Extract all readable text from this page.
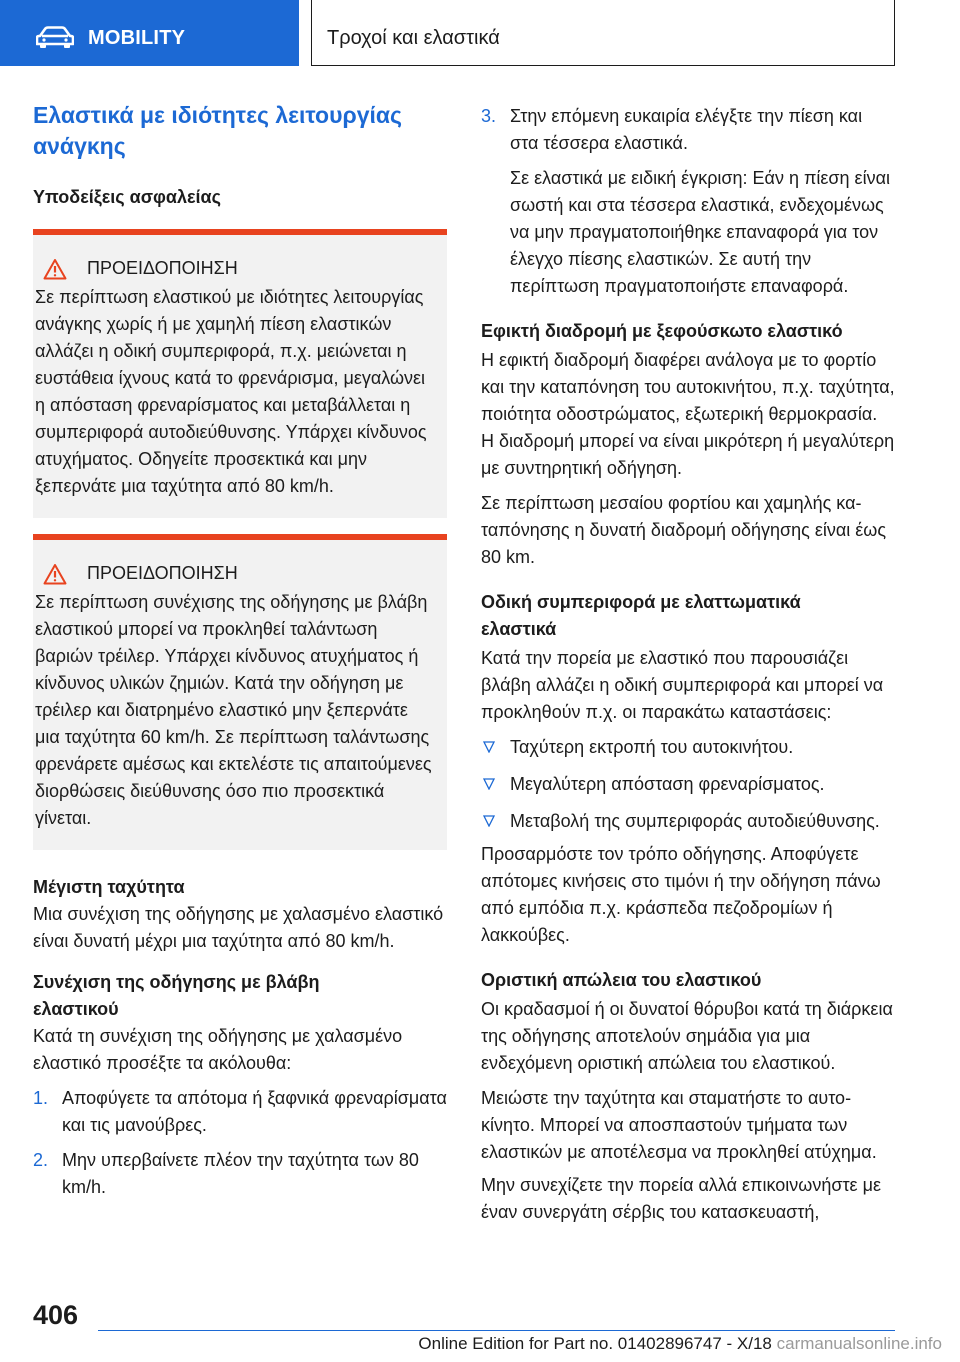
MOBILITY	Τροχοί και ελαστικά
Ελαστικά με ιδιότητες λειτουργίας ανάγκης
Υποδείξεις ασφαλείας
ΠΡΟΕΙΔΟΠΟΙΗΣΗ

Σε περίπτωση ελαστικού με ιδιότητες λειτουργίας ανάγκης χωρίς ή με χαμηλή πίεση ελαστικών αλλάζει η οδική συμπεριφορά, π.χ. μειώνεται η ευστάθεια ίχνους κατά το φρενάρισμα, μεγαλώνει η απόσταση φρεναρίσματος και μεταβάλλεται η συμπεριφορά αυτοδιεύθυνσης. Υπάρχει κίνδυνος ατυχήματος. Οδηγείτε προσεκτικά και μην ξεπερνάτε μια ταχύτητα από 80 km/h.

ΠΡΟΕΙΔΟΠΟΙΗΣΗ

Σε περίπτωση συνέχισης της οδήγησης με βλάβη ελαστικού μπορεί να προκληθεί ταλάντωση βαριών τρέιλερ. Υπάρχει κίνδυνος ατυχήματος ή κίνδυνος υλικών ζημιών. Κατά την οδήγηση με τρέιλερ και διατρημένο ελαστικό μην ξεπερνάτε μια ταχύτητα 60 km/h. Σε περίπτωση ταλάντωσης φρενάρετε αμέσως και εκτελέστε τις απαιτούμενες διορθώσεις διεύθυνσης όσο πιο προσεκτικά γίνεται.

Μέγιστη ταχύτητα

Μια συνέχιση της οδήγησης με χαλασμένο ελαστικό είναι δυνατή μέχρι μια ταχύτητα από 80 km/h.

Συνέχιση της οδήγησης με βλάβη ελαστικού

Κατά τη συνέχιση της οδήγησης με χαλασμένο ελαστικό προσέξτε τα ακόλουθα:

1. Αποφύγετε τα απότομα ή ξαφνικά φρεναρίσματα και τις μανούβρες.
2. Μην υπερβαίνετε πλέον την ταχύτητα των 80 km/h.
3. Στην επόμενη ευκαιρία ελέγξτε την πίεση και στα τέσσερα ελαστικά.

Σε ελαστικά με ειδική έγκριση: Εάν η πίεση είναι σωστή και στα τέσσερα ελαστικά, ενδεχομένως να μην πραγματοποιήθηκε επαναφορά για τον έλεγχο πίεσης ελαστικών. Σε αυτή την περίπτωση πραγματοποιήστε επαναφορά.

Εφικτή διαδρομή με ξεφούσκωτο ελαστικό

Η εφικτή διαδρομή διαφέρει ανάλογα με το φορτίο και την καταπόνηση του αυτοκινήτου, π.χ. ταχύτητα, ποιότητα οδοστρώματος, εξωτερική θερμοκρασία. Η διαδρομή μπορεί να είναι μικρότερη ή μεγαλύτερη με συντηρητική οδήγηση.

Σε περίπτωση μεσαίου φορτίου και χαμηλής καταπόνησης η δυνατή διαδρομή οδήγησης είναι έως 80 km.

Οδική συμπεριφορά με ελαττωματικά ελαστικά

Κατά την πορεία με ελαστικό που παρουσιάζει βλάβη αλλάζει η οδική συμπεριφορά και μπορεί να προκληθούν π.χ. οι παρακάτω καταστάσεις:

Ταχύτερη εκτροπή του αυτοκινήτου.
Μεγαλύτερη απόσταση φρεναρίσματος.
Μεταβολή της συμπεριφοράς αυτοδιεύθυνσης.

Προσαρμόστε τον τρόπο οδήγησης. Αποφύγετε απότομες κινήσεις στο τιμόνι ή την οδήγηση πάνω από εμπόδια π.χ. κράσπεδα πεζοδρομίων ή λακκούβες.

Οριστική απώλεια του ελαστικού

Οι κραδασμοί ή οι δυνατοί θόρυβοι κατά τη διάρκεια της οδήγησης αποτελούν σημάδια για μια ενδεχόμενη οριστική απώλεια του ελαστικού.

Μειώστε την ταχύτητα και σταματήστε το αυτοκίνητο. Μπορεί να αποσπαστούν τμήματα των ελαστικών με αποτέλεσμα να προκληθεί ατύχημα.

Μην συνεχίζετε την πορεία αλλά επικοινωνήστε με έναν συνεργάτη σέρβις του κατασκευαστή,

406
Online Edition for Part no. 01402896747 - X/18 carmanualsonline.info
